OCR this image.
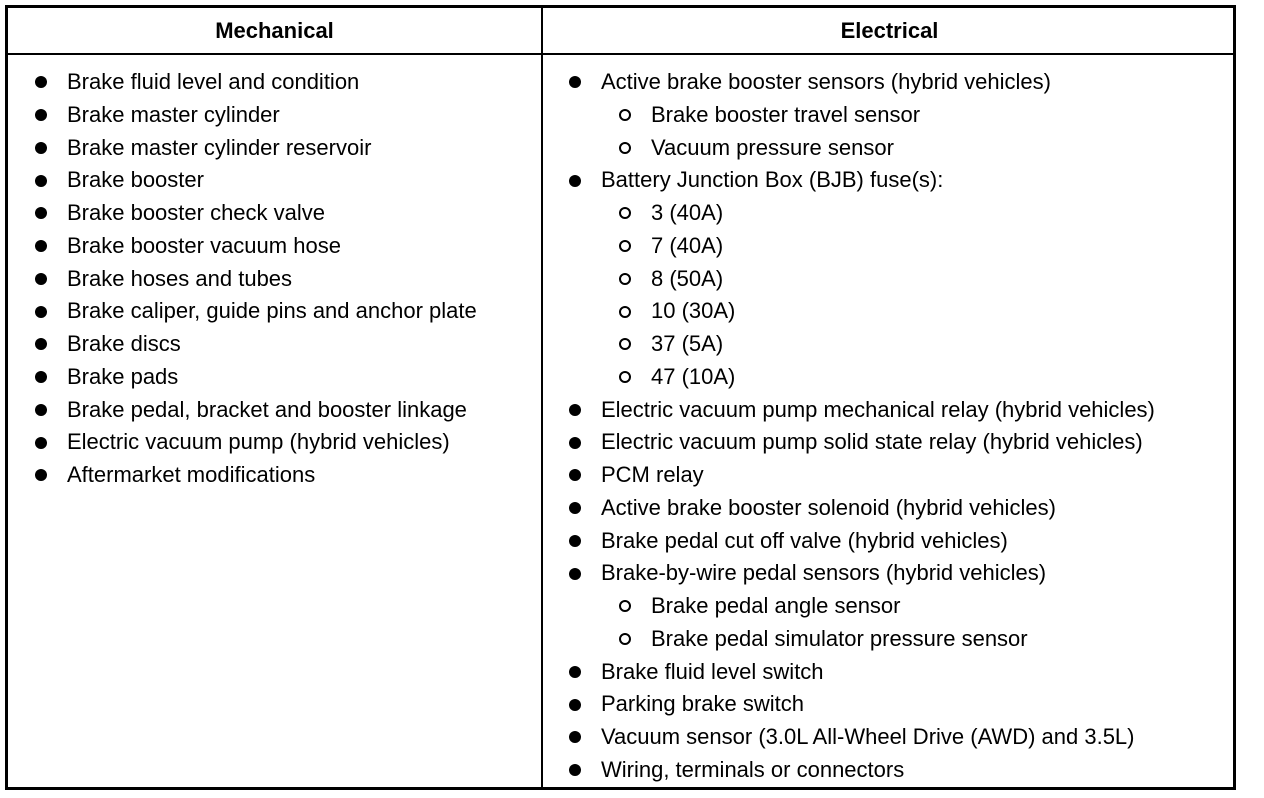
Mechanical	Electrical
Brake fluid level and condition
Brake master cylinder
Brake master cylinder reservoir
Brake booster
Brake booster check valve
Brake booster vacuum hose
Brake hoses and tubes
Brake caliper, guide pins and anchor plate
Brake discs
Brake pads
Brake pedal, bracket and booster linkage
Electric vacuum pump (hybrid vehicles)
Aftermarket modifications
Active brake booster sensors (hybrid vehicles)
Brake booster travel sensor
Vacuum pressure sensor
Battery Junction Box (BJB) fuse(s):
3 (40A)
7 (40A)
8 (50A)
10 (30A)
37 (5A)
47 (10A)
Electric vacuum pump mechanical relay (hybrid vehicles)
Electric vacuum pump solid state relay (hybrid vehicles)
PCM relay
Active brake booster solenoid (hybrid vehicles)
Brake pedal cut off valve (hybrid vehicles)
Brake-by-wire pedal sensors (hybrid vehicles)
Brake pedal angle sensor
Brake pedal simulator pressure sensor
Brake fluid level switch
Parking brake switch
Vacuum sensor (3.0L All-Wheel Drive (AWD) and 3.5L)
Wiring, terminals or connectors
